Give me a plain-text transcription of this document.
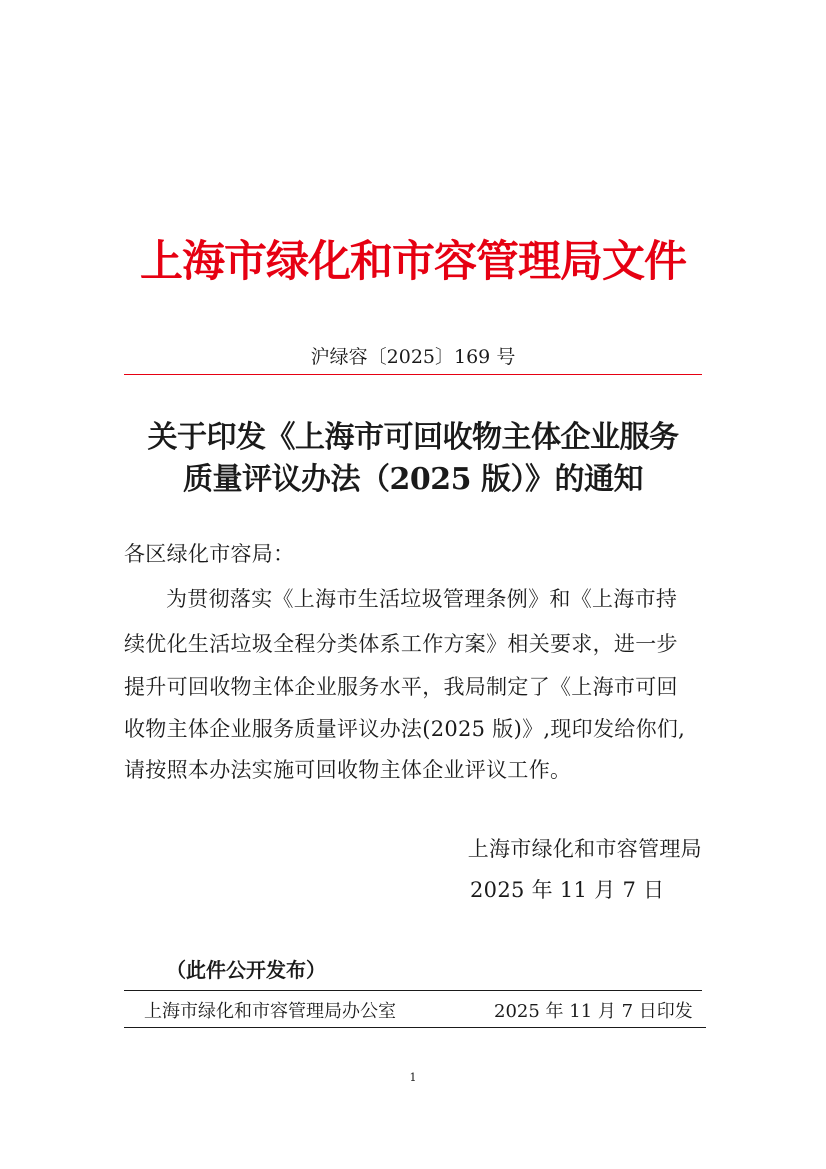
上海市绿化和市容管理局文件
沪绿容〔2025〕169 号
关于印发《上海市可回收物主体企业服务
质量评议办法（2025 版）》的通知
各区绿化市容局：
为贯彻落实《上海市生活垃圾管理条例》和《上海市持
续优化生活垃圾全程分类体系工作方案》相关要求，进一步
提升可回收物主体企业服务水平，我局制定了《上海市可回
收物主体企业服务质量评议办法(2025 版)》,现印发给你们,
请按照本办法实施可回收物主体企业评议工作。
上海市绿化和市容管理局
2025 年 11 月 7 日
（此件公开发布）
上海市绿化和市容管理局办公室	2025 年 11 月 7 日印发
1
